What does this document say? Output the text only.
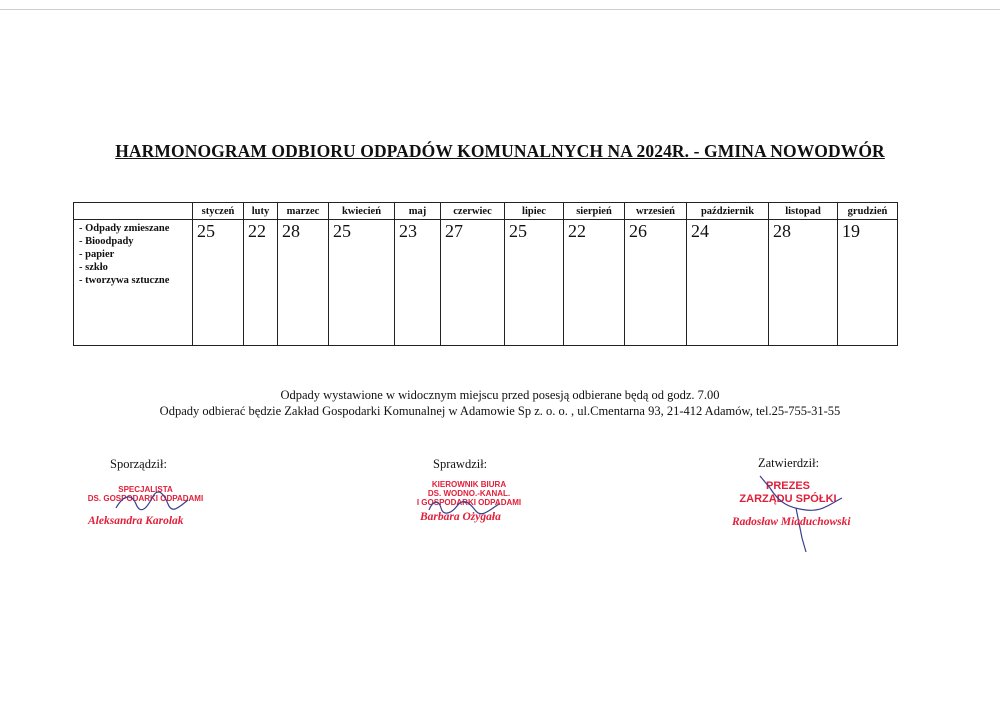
HARMONOGRAM ODBIORU ODPADÓW KOMUNALNYCH NA 2024R. - GMINA NOWODWÓR
	styczeń	luty	marzec	kwiecień	maj	czerwiec	lipiec	sierpień	wrzesień	październik	listopad	grudzień

- Odpady zmieszane
- Bioodpady
- papier
- szkło
- tworzywa sztuczne	25	22	28	25	23	27	25	22	26	24	28	19
Odpady wystawione w widocznym miejscu przed posesją odbierane będą od godz. 7.00
Odpady odbierać będzie Zakład Gospodarki Komunalnej w Adamowie Sp z. o. o. , ul.Cmentarna 93, 21-412 Adamów, tel.25-755-31-55
Sporządził:
SPECJALISTA
DS. GOSPODARKI ODPADAMI
Aleksandra Karolak
Sprawdził:
KIEROWNIK BIURA
DS. WODNO.-KANAL.
I GOSPODARKI ODPADAMI
Barbara Ożygała
Zatwierdził:
PREZES
ZARZĄDU SPÓŁKI
Radosław Miaduchowski
